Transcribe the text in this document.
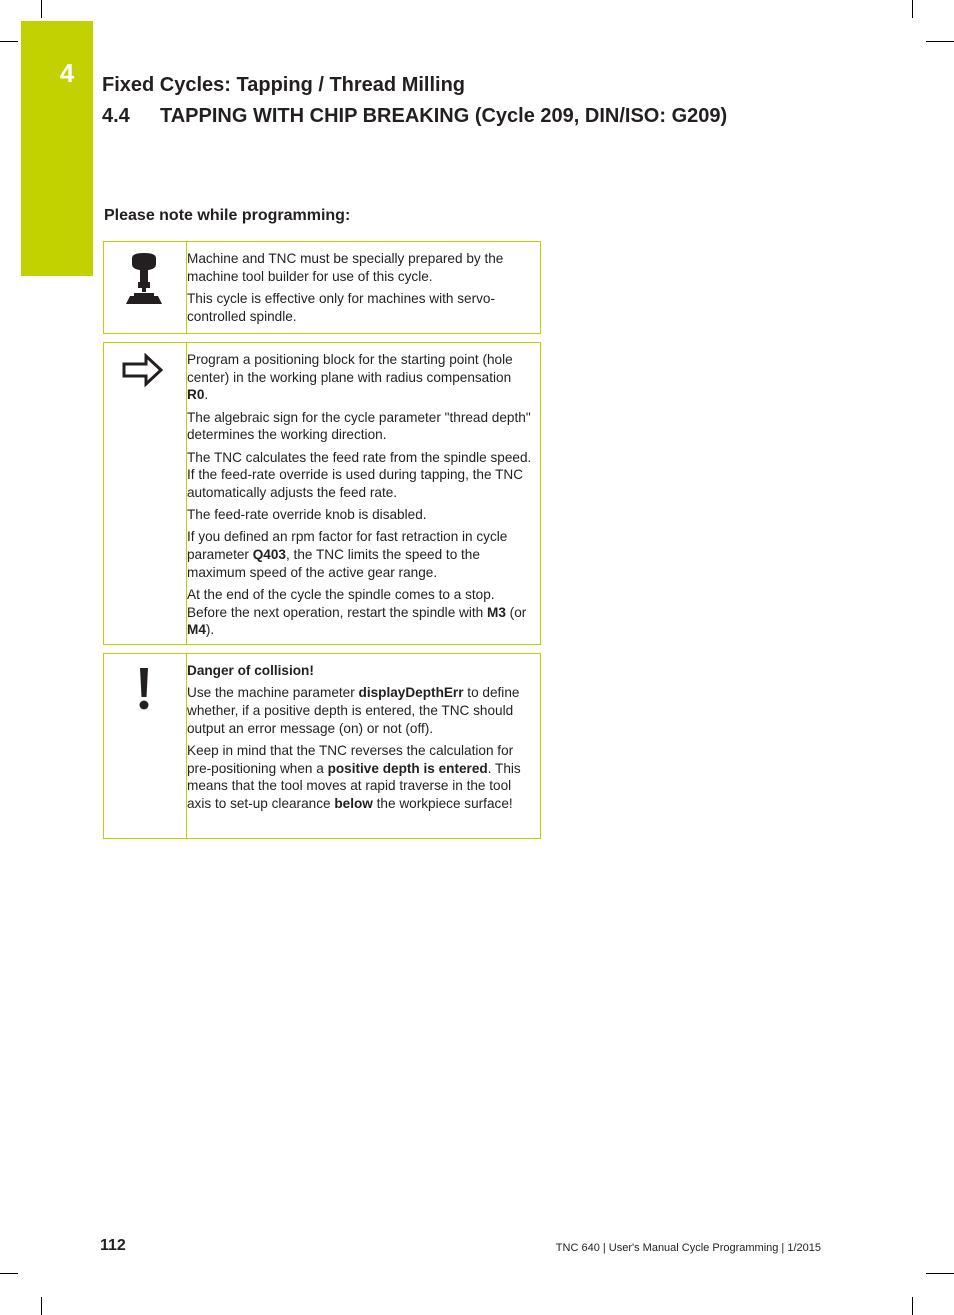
4	Fixed Cycles: Tapping / Thread Milling
4.4 TAPPING WITH CHIP BREAKING (Cycle 209, DIN/ISO: G209)
Please note while programming:

Machine and TNC must be specially prepared by the machine tool builder for use of this cycle.

This cycle is effective only for machines with servo-controlled spindle.

Program a positioning block for the starting point (hole center) in the working plane with radius compensation R0.

The algebraic sign for the cycle parameter "thread depth" determines the working direction.

The TNC calculates the feed rate from the spindle speed. If the feed-rate override is used during tapping, the TNC automatically adjusts the feed rate.

The feed-rate override knob is disabled.

If you defined an rpm factor for fast retraction in cycle parameter Q403, the TNC limits the speed to the maximum speed of the active gear range.

At the end of the cycle the spindle comes to a stop. Before the next operation, restart the spindle with M3 (or M4).

Danger of collision!

Use the machine parameter displayDepthErr to define whether, if a positive depth is entered, the TNC should output an error message (on) or not (off).

Keep in mind that the TNC reverses the calculation for pre-positioning when a positive depth is entered. This means that the tool moves at rapid traverse in the tool axis to set-up clearance below the workpiece surface!

112	TNC 640 | User's Manual Cycle Programming | 1/2015
